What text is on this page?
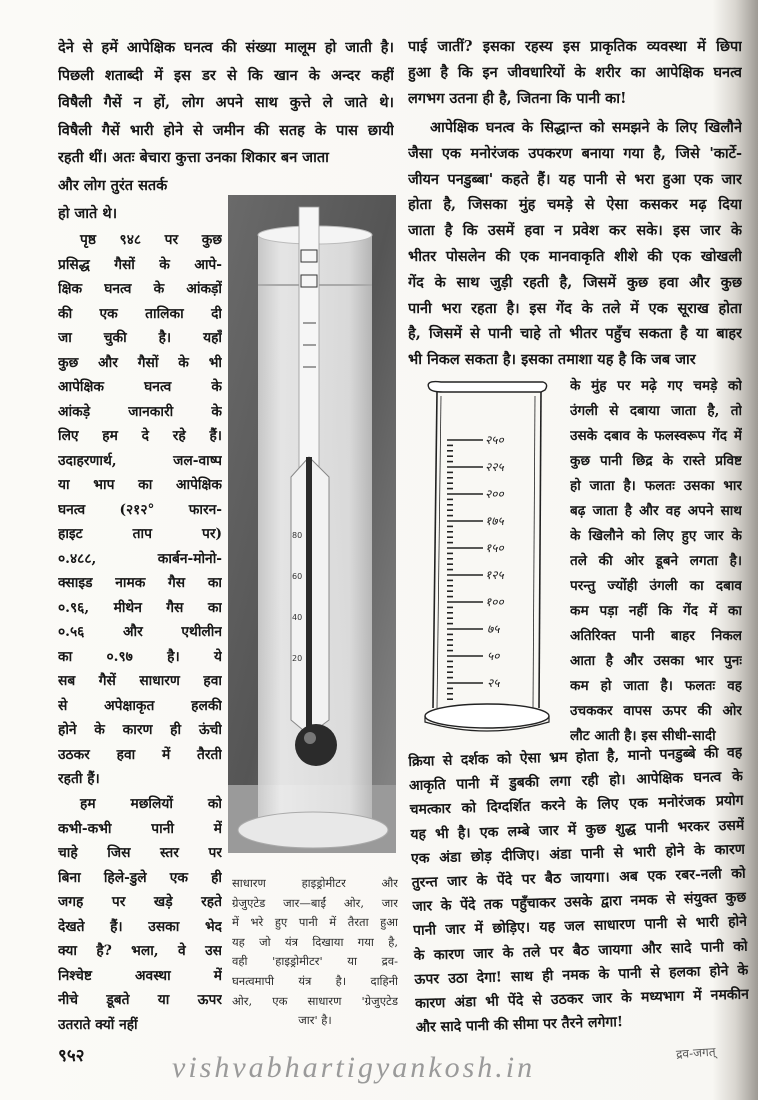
देने से हमें आपेक्षिक घनत्व की संख्या मालूम हो जाती है।
पिछली शताब्दी में इस डर से कि खान के अन्दर कहीं
विषैली गैसें न हों, लोग अपने साथ कुत्ते ले जाते थे।
विषैली गैसें भारी होने से जमीन की सतह के पास छायी
रहती थीं। अतः बेचारा कुत्ता उनका शिकार बन जाता
और लोग तुरंत सतर्क
हो जाते थे।
पृष्ठ ९४८ पर कुछ
प्रसिद्ध गैसों के आपे-
क्षिक घनत्व के आंकड़ों
की एक तालिका दी
जा चुकी है। यहाँ
कुछ और गैसों के भी
आपेक्षिक घनत्व के
आंकड़े जानकारी के
लिए हम दे रहे हैं।
उदाहरणार्थ, जल-वाष्प
या भाप का आपेक्षिक
घनत्व (२१२° फारन-
हाइट ताप पर)
०.४८८, कार्बन-मोनो-
क्साइड नामक गैस का
०.९६, मीथेन गैस का
०.५६ और एथीलीन
का ०.९७ है। ये
सब गैसें साधारण हवा
से अपेक्षाकृत हलकी
होने के कारण ही ऊंची
उठकर हवा में तैरती
रहती हैं।
हम मछलियों को
कभी-कभी पानी में
चाहे जिस स्तर पर
बिना हिले-डुले एक ही
जगह पर खड़े रहते
देखते हैं। उसका भेद
क्या है? भला, वे उस
निश्चेष्ट अवस्था में
नीचे डूबते या ऊपर
उतराते क्यों नहीं
80
60
40
20
साधारण हाइड्रोमीटर और
ग्रेजुएटेड जार—बाईं ओर, जार
में भरे हुए पानी में तैरता हुआ
यह जो यंत्र दिखाया गया है,
वही 'हाइड्रोमीटर' या द्रव-
घनत्वमापी यंत्र है। दाहिनी
ओर, एक साधारण 'ग्रेजुएटेड
जार' है।
पाई जातीं? इसका रहस्य इस प्राकृतिक व्यवस्था में छिपा
हुआ है कि इन जीवधारियों के शरीर का आपेक्षिक घनत्व
लगभग उतना ही है, जितना कि पानी का!
आपेक्षिक घनत्व के सिद्धान्त को समझने के लिए खिलौने
जैसा एक मनोरंजक उपकरण बनाया गया है, जिसे 'कार्टे-
जीयन पनडुब्बा' कहते हैं। यह पानी से भरा हुआ एक जार
होता है, जिसका मुंह चमड़े से ऐसा कसकर मढ़ दिया
जाता है कि उसमें हवा न प्रवेश कर सके। इस जार के
भीतर पोसलेन की एक मानवाकृति शीशे की एक खोखली
गेंद के साथ जुड़ी रहती है, जिसमें कुछ हवा और कुछ
पानी भरा रहता है। इस गेंद के तले में एक सूराख होता
है, जिसमें से पानी चाहे तो भीतर पहुँच सकता है या बाहर
भी निकल सकता है। इसका तमाशा यह है कि जब जार
२५०
२२५
२००
१७५
१५०
१२५
१००
७५
५०
२५
के मुंह पर मढ़े गए चमड़े को
उंगली से दबाया जाता है, तो
उसके दबाव के फलस्वरूप गेंद में
कुछ पानी छिद्र के रास्ते प्रविष्ट
हो जाता है। फलतः उसका भार
बढ़ जाता है और वह अपने साथ
के खिलौने को लिए हुए जार के
तले की ओर डूबने लगता है।
परन्तु ज्योंही उंगली का दबाव
कम पड़ा नहीं कि गेंद में का
अतिरिक्त पानी बाहर निकल
आता है और उसका भार पुनः
कम हो जाता है। फलतः वह
उचककर वापस ऊपर की ओर
लौट आती है। इस सीधी-सादी
क्रिया से दर्शक को ऐसा भ्रम होता है, मानो पनडुब्बे की वह
आकृति पानी में डुबकी लगा रही हो। आपेक्षिक घनत्व के
चमत्कार को दिग्दर्शित करने के लिए एक मनोरंजक प्रयोग
यह भी है। एक लम्बे जार में कुछ शुद्ध पानी भरकर उसमें
एक अंडा छोड़ दीजिए। अंडा पानी से भारी होने के कारण
तुरन्त जार के पेंदे पर बैठ जायगा। अब एक रबर-नली को
जार के पेंदे तक पहुँचाकर उसके द्वारा नमक से संयुक्त कुछ
पानी जार में छोड़िए। यह जल साधारण पानी से भारी होने
के कारण जार के तले पर बैठ जायगा और सादे पानी को
ऊपर उठा देगा! साथ ही नमक के पानी से हलका होने के
कारण अंडा भी पेंदे से उठकर जार के मध्यभाग में नमकीन
और सादे पानी की सीमा पर तैरने लगेगा!
९५२	vishvabhartigyankosh.in	द्रव-जगत्
